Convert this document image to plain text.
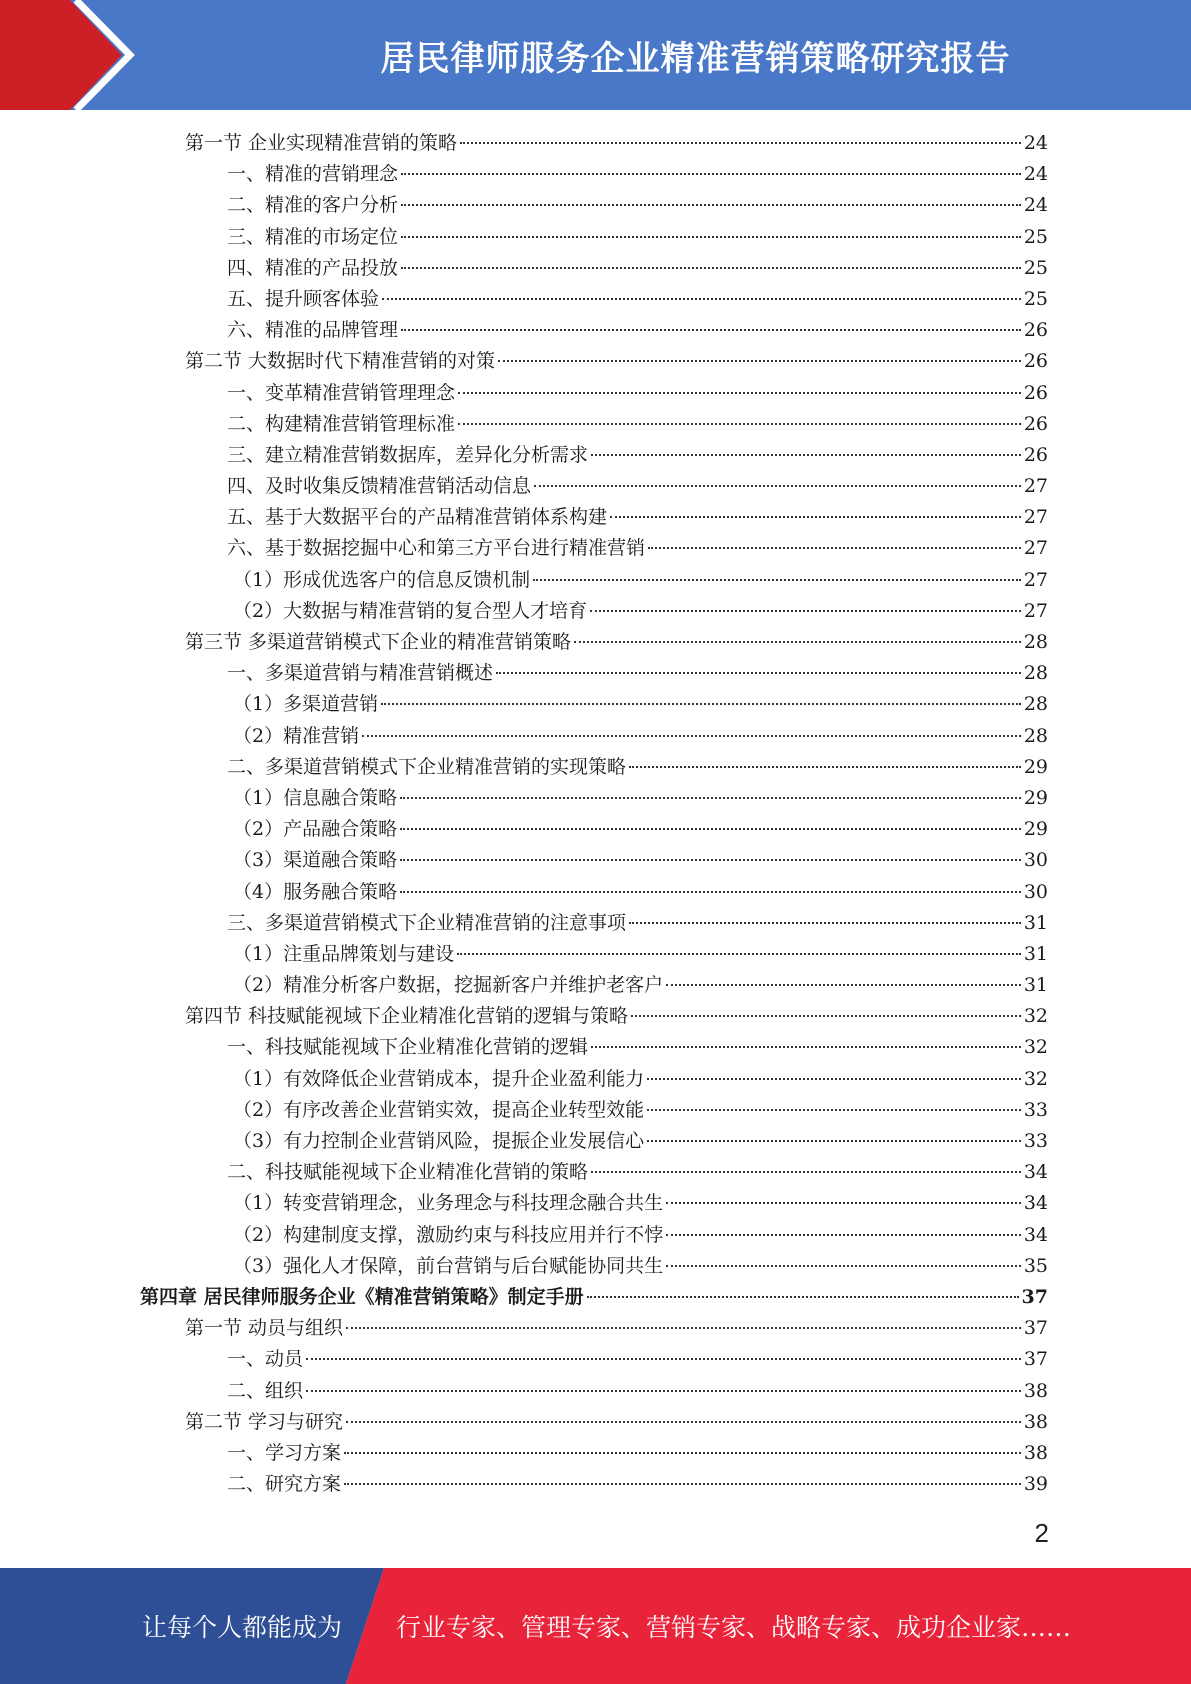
居民律师服务企业精准营销策略研究报告
第一节 企业实现精准营销的策略	24
一、精准的营销理念	24
二、精准的客户分析	24
三、精准的市场定位	25
四、精准的产品投放	25
五、提升顾客体验	25
六、精准的品牌管理	26
第二节 大数据时代下精准营销的对策	26
一、变革精准营销管理理念	26
二、构建精准营销管理标准	26
三、建立精准营销数据库，差异化分析需求	26
四、及时收集反馈精准营销活动信息	27
五、基于大数据平台的产品精准营销体系构建	27
六、基于数据挖掘中心和第三方平台进行精准营销	27
（1）形成优选客户的信息反馈机制	27
（2）大数据与精准营销的复合型人才培育	27
第三节 多渠道营销模式下企业的精准营销策略	28
一、多渠道营销与精准营销概述	28
（1）多渠道营销	28
（2）精准营销	28
二、多渠道营销模式下企业精准营销的实现策略	29
（1）信息融合策略	29
（2）产品融合策略	29
（3）渠道融合策略	30
（4）服务融合策略	30
三、多渠道营销模式下企业精准营销的注意事项	31
（1）注重品牌策划与建设	31
（2）精准分析客户数据，挖掘新客户并维护老客户	31
第四节 科技赋能视域下企业精准化营销的逻辑与策略	32
一、科技赋能视域下企业精准化营销的逻辑	32
（1）有效降低企业营销成本，提升企业盈利能力	32
（2）有序改善企业营销实效，提高企业转型效能	33
（3）有力控制企业营销风险，提振企业发展信心	33
二、科技赋能视域下企业精准化营销的策略	34
（1）转变营销理念，业务理念与科技理念融合共生	34
（2）构建制度支撑，激励约束与科技应用并行不悖	34
（3）强化人才保障，前台营销与后台赋能协同共生	35
第四章 居民律师服务企业《精准营销策略》制定手册	37
第一节 动员与组织	37
一、动员	37
二、组织	38
第二节 学习与研究	38
一、学习方案	38
二、研究方案	39
2
让每个人都能成为 行业专家、管理专家、营销专家、战略专家、成功企业家……
